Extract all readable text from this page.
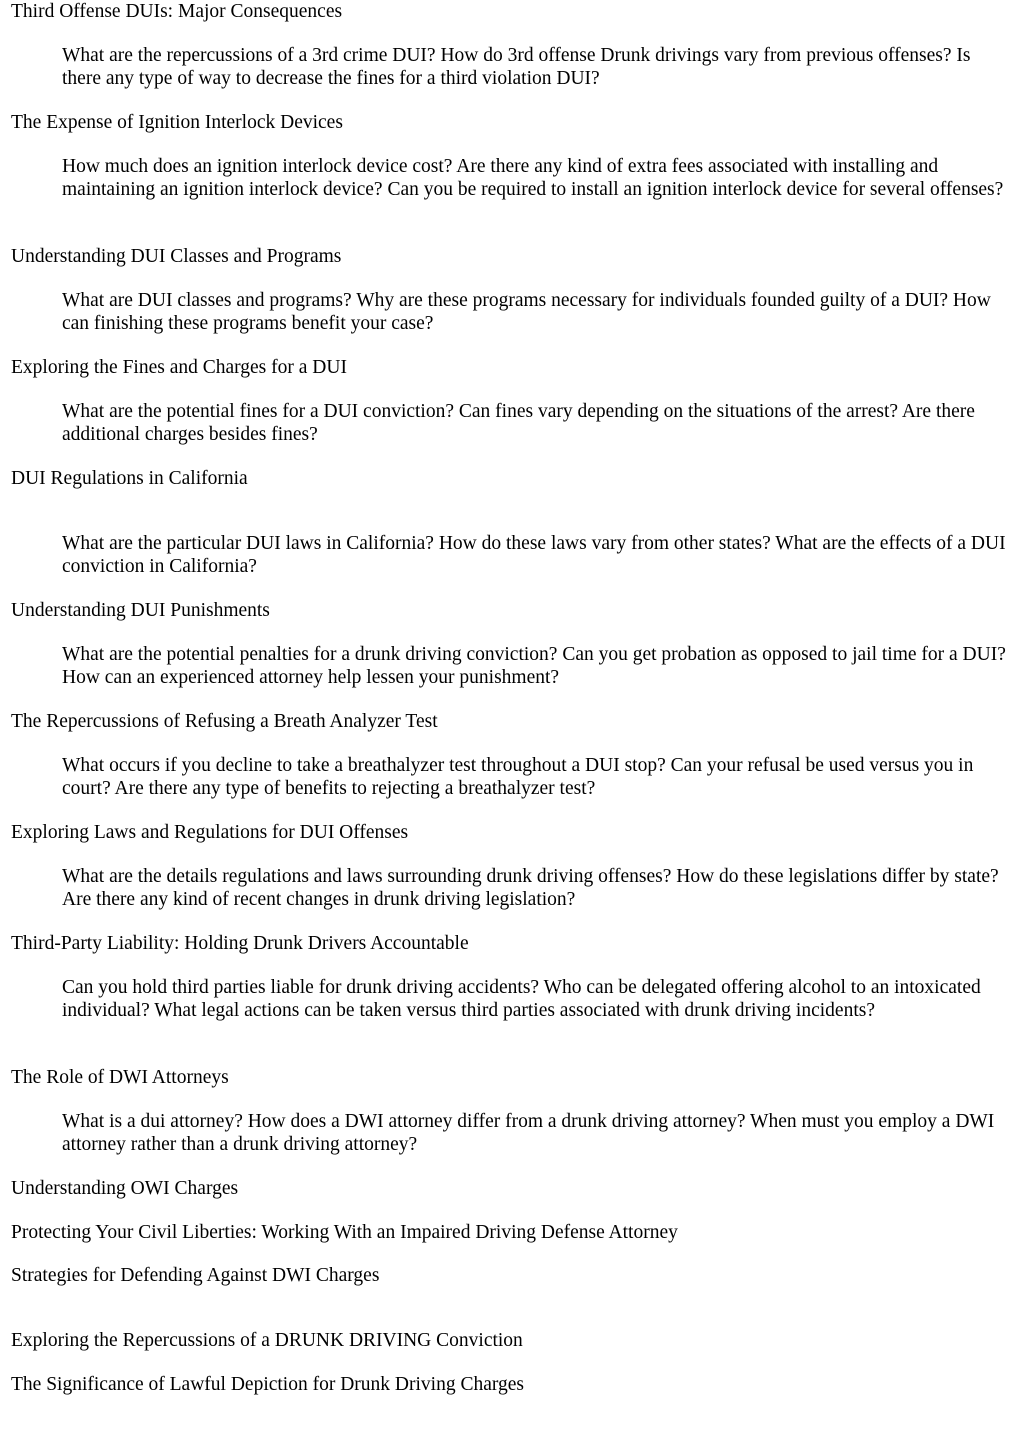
Third Offense DUIs: Major Consequences
What are the repercussions of a 3rd crime DUI? How do 3rd offense Drunk drivings vary from previous offenses? Is there any type of way to decrease the fines for a third violation DUI?
The Expense of Ignition Interlock Devices
How much does an ignition interlock device cost? Are there any kind of extra fees associated with installing and maintaining an ignition interlock device? Can you be required to install an ignition interlock device for several offenses?
Understanding DUI Classes and Programs
What are DUI classes and programs? Why are these programs necessary for individuals founded guilty of a DUI? How can finishing these programs benefit your case?
Exploring the Fines and Charges for a DUI
What are the potential fines for a DUI conviction? Can fines vary depending on the situations of the arrest? Are there additional charges besides fines?
DUI Regulations in California
What are the particular DUI laws in California? How do these laws vary from other states? What are the effects of a DUI conviction in California?
Understanding DUI Punishments
What are the potential penalties for a drunk driving conviction? Can you get probation as opposed to jail time for a DUI? How can an experienced attorney help lessen your punishment?
The Repercussions of Refusing a Breath Analyzer Test
What occurs if you decline to take a breathalyzer test throughout a DUI stop? Can your refusal be used versus you in court? Are there any type of benefits to rejecting a breathalyzer test?
Exploring Laws and Regulations for DUI Offenses
What are the details regulations and laws surrounding drunk driving offenses? How do these legislations differ by state? Are there any kind of recent changes in drunk driving legislation?
Third-Party Liability: Holding Drunk Drivers Accountable
Can you hold third parties liable for drunk driving accidents? Who can be delegated offering alcohol to an intoxicated individual? What legal actions can be taken versus third parties associated with drunk driving incidents?
The Role of DWI Attorneys
What is a dui attorney? How does a DWI attorney differ from a drunk driving attorney? When must you employ a DWI attorney rather than a drunk driving attorney?
Understanding OWI Charges
Protecting Your Civil Liberties: Working With an Impaired Driving Defense Attorney
Strategies for Defending Against DWI Charges
Exploring the Repercussions of a DRUNK DRIVING Conviction
The Significance of Lawful Depiction for Drunk Driving Charges
